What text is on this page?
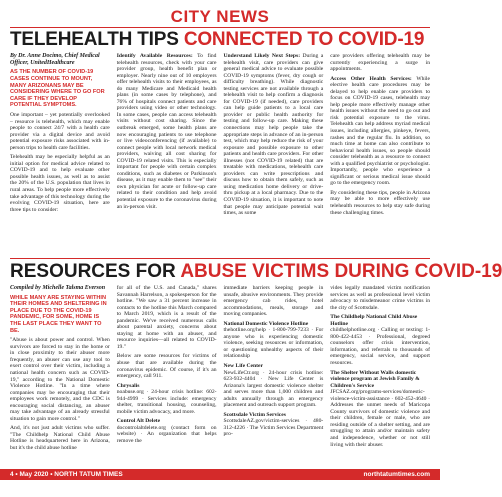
CITY NEWS
TELEHEALTH TIPS CONNECTED TO COVID-19
By Dr. Anne Docimo, Chief Medical Officer, UnitedHealthcare
AS THE NUMBER OF COVID-19 CASES CONTINUE TO MOUNT, MANY ARIZONANS MAY BE CONSIDERING WHERE TO GO FOR CARE IF THEY DEVELOP POTENTIAL SYMPTOMS.

One important – yet potentially overlooked – resource is telehealth, which may enable people to connect 24/7 with a health care provider via a digital device and avoid potential exposure risks associated with in-person trips to health care facilities.

Telehealth may be especially helpful as an initial option for medical advice related to COVID-19 and to help evaluate other possible health issues, as well as to assist the 20% of the U.S. population that lives in rural areas. To help people more effectively take advantage of this technology during the evolving COVID-19 situation, here are three tips to consider:

Identify Available Resources: To find telehealth resources, check with your care provider group, health benefit plan or employer. Nearly nine out of 10 employers offer telehealth visits to their employees, as do many Medicare and Medicaid health plans (in some cases by telephone), and 76% of hospitals connect patients and care providers using video or other technology. In some cases, people can access telehealth visits without cost sharing. Since the outbreak emerged, some health plans are now encouraging patients to use telephone or live videoconferencing (if available) to connect people with local network medical providers, waiving all cost sharing for COVID-19 related visits. This is especially important for people with certain complex conditions, such as diabetes or Parkinson's disease, as it may enable them to "see" their own physician for acute or follow-up care related to their condition and help avoid potential exposure to the coronavirus during an in-person visit.

Understand Likely Next Steps: During a telehealth visit, care providers can give general medical advice to evaluate possible COVID-19 symptoms (fever, dry cough or difficulty breathing). While diagnostic testing services are not available through a telehealth visit to help confirm a diagnosis for COVID-19 (if needed), care providers can help guide patients to a local care provider or public health authority for testing and follow-up care. Making these connections may help people take the appropriate steps in advance of an in-person test, which may help reduce the risk of your exposure and possible exposure to other patients and health care providers. For other illnesses (not COVID-19 related) that are treatable with medications, telehealth care providers can write prescriptions and discuss how to obtain them safely, such as using medication home delivery or drive-thru pickup at a local pharmacy. Due to the COVID-19 situation, it is important to note that people may anticipate potential wait times, as some

care providers offering telehealth may be currently experiencing a surge in appointments.

Access Other Health Services: While elective health care procedures may be delayed to help enable care providers to focus on COVID-19 cases, telehealth may help people more effectively manage other health issues without the need to go out and risk potential exposure to the virus. Telehealth can help address myriad medical issues, including allergies, pinkeye, fevers, rashes and the regular flu. In addition, so much time at home can also contribute to behavioral health issues, so people should consider telehealth as a resource to connect with a qualified psychiatrist or psychologist. Importantly, people who experience a significant or serious medical issue should go to the emergency room.

By considering these tips, people in Arizona may be able to more effectively use telehealth resources to help stay safe during these challenging times.

RESOURCES FOR ABUSE VICTIMS DURING COVID-19
Compiled by Michelle Talsma Everson
WHILE MANY ARE STAYING WITHIN THEIR HOMES AND SHELTERING IN PLACE DUE TO THE COVID-19 PANDEMIC, FOR SOME, HOME IS THE LAST PLACE THEY WANT TO BE.

"Abuse is about power and control. When survivors are forced to stay in the home or in close proximity to their abuser more frequently, an abuser can use any tool to exert control over their victim, including a national health concern such as COVID-19," according to the National Domestic Violence Hotline. "In a time where companies may be encouraging that their employees work remotely, and the CDC is encouraging social distancing, an abuser may take advantage of an already stressful situation to gain more control."

And, it's not just adult victims who suffer. "The Childhelp National Child Abuse Hotline is headquartered here in Arizona, but it's the child abuse hotline

for all of the U.S. and Canada," shares Savannah Harrelson, a spokesperson for the hotline. "We saw a 31 percent increase in contacts to the hotline this March compared to March 2019, which is a result of the pandemic. We've received numerous calls about parental anxiety, concerns about staying at home with an abuser, and resource inquiries—all related to COVID-19."

Below are some resources for victims of abuse that are available during the coronavirus epidemic. Of course, if it's an emergency, call 911.

Chrysalis

noabuse.org · 24-hour crisis hotline: 602-944-4999 · Services include: emergency shelter, transitional housing, counseling, mobile victim advocacy, and more.

Control Alt Delete

docontrolaltdelete.org (contact form on website) · An organization that helps remove the

immediate barriers keeping people in unsafe, abusive environments. They provide emergency cab rides, hotel accommodations, meals, storage and moving companies.

National Domestic Violence Hotline

thehotline.org/help · 1-800-799-7233 · For anyone who is experiencing domestic violence, seeking resources or information, or questioning unhealthy aspects of their relationship

New Life Center

NewLifeCtr.org · 24-hour crisis hotline: 623-932-4404 · New Life Center is Arizona's largest domestic violence shelter and serves more than 1,000 children and adults annually through an emergency placement and outreach support program.

Scottsdale Victim Services

ScottsdaleAZ.gov/victim-services · 480-312-4226 · The Victim Services Department pro-

vides legally mandated victim notification services as well as professional level victim advocacy to misdemeanor crime victims in the city of Scottsdale.

The Childhelp National Child Abuse Hotline

childhelphotline.org · Calling or texting: 1-800-422-4453 · Professional, degreed counselors offer crisis intervention, information, and referrals to thousands of emergency, social service, and support resources.

The Shelter Without Walls domestic violence program at Jewish Family & Children's Service

JFCSAZ.org/programs-services/domestic-violence-victim-assistance · 602-452-4640 · Addresses the unmet needs of Maricopa County survivors of domestic violence and their children, female or male, who are residing outside of a shelter setting, and are struggling to attain and/or maintain safety and independence, whether or not still living with their abuser.

4 • May 2020 • NORTH TATUM TIMES	northtatumtimes.com
